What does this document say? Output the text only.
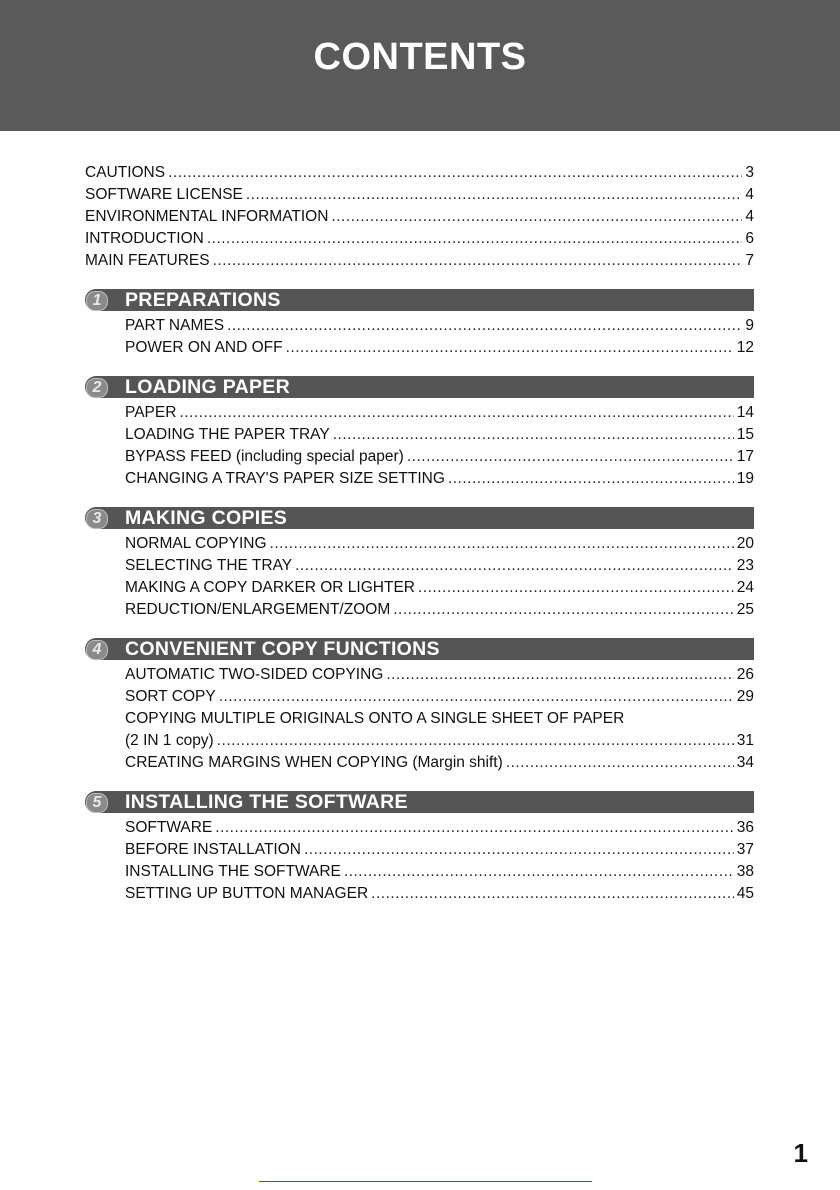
CONTENTS
CAUTIONS .....	3
SOFTWARE LICENSE .....	4
ENVIRONMENTAL INFORMATION .....	4
INTRODUCTION .....	6
MAIN FEATURES .....	7
1	PREPARATIONS
PART NAMES .....	9
POWER ON AND OFF .....	12
2	LOADING PAPER
PAPER .....	14
LOADING THE PAPER TRAY .....	15
BYPASS FEED (including special paper) .....	17
CHANGING A TRAY'S PAPER SIZE SETTING .....	19
3	MAKING COPIES
NORMAL COPYING .....	20
SELECTING THE TRAY .....	23
MAKING A COPY DARKER OR LIGHTER .....	24
REDUCTION/ENLARGEMENT/ZOOM .....	25
4	CONVENIENT COPY FUNCTIONS
AUTOMATIC TWO-SIDED COPYING .....	26
SORT COPY .....	29
COPYING MULTIPLE ORIGINALS ONTO A SINGLE SHEET OF PAPER
(2 IN 1 copy) .....	31
CREATING MARGINS WHEN COPYING (Margin shift) .....	34
5	INSTALLING THE SOFTWARE
SOFTWARE .....	36
BEFORE INSTALLATION .....	37
INSTALLING THE SOFTWARE .....	38
SETTING UP BUTTON MANAGER .....	45
1
